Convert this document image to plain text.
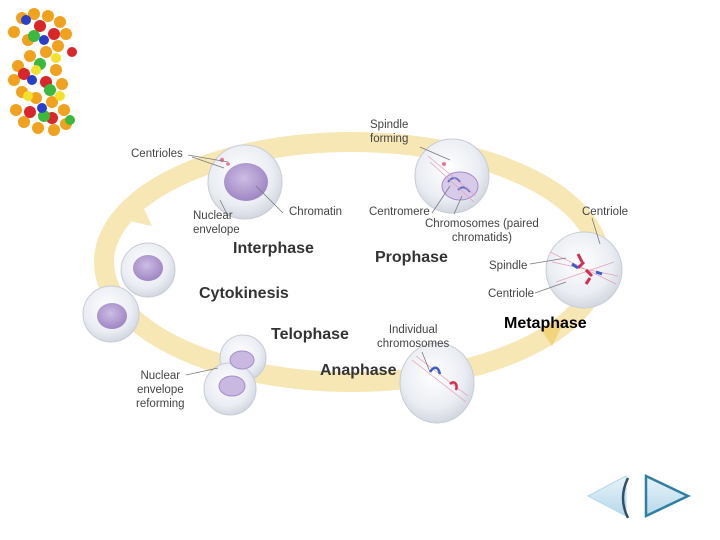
Spindle
forming
Centrioles
Nuclear
envelope
Chromatin Centromere
Chromosomes (paired
chromatids)
Centriole
Spindle
Centriole
Individual
chromosomes
Nuclear
envelope
reforming
Interphase
Prophase
Metaphase
Anaphase
Telophase
Cytokinesis
